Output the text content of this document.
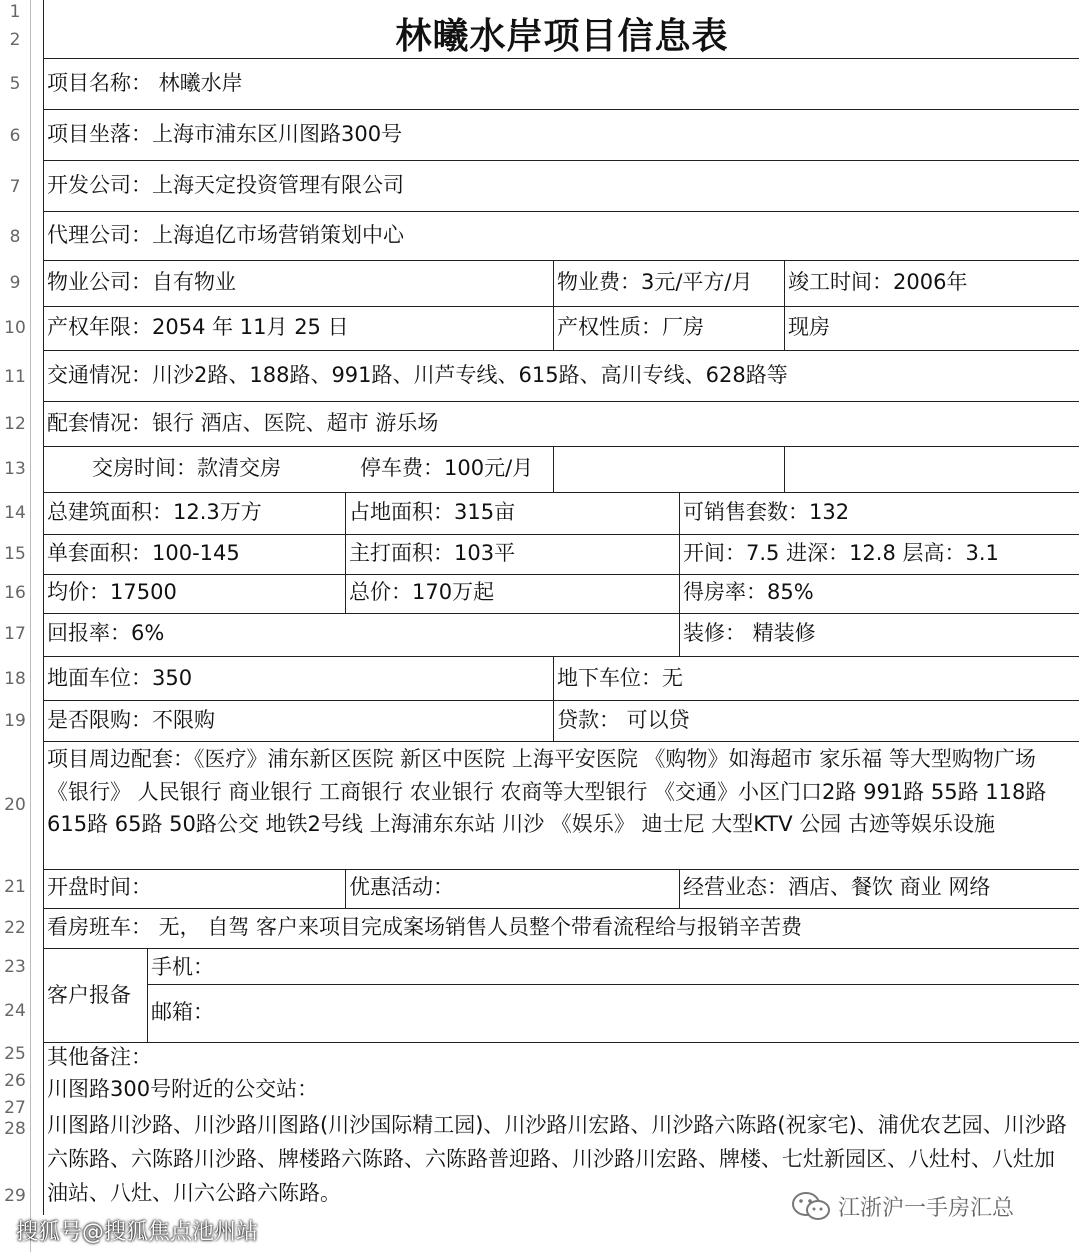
1
2
5
6
7
8
9
10
11
12
13
14
15
16
17
18
19
20
21
22
23
24
25
26
27
28
29
林曦水岸项目信息表
项目名称： 林曦水岸
项目坐落：上海市浦东区川图路300号
开发公司：上海天定投资管理有限公司
代理公司：上海追亿市场营销策划中心
物业公司：自有物业	物业费：3元/平方/月 竣工时间：2006年
产权年限：2054 年 11月 25 日	产权性质：厂房	现房
交通情况：川沙2路、188路、991路、川芦专线、615路、高川专线、628路等
配套情况：银行 酒店、医院、超市 游乐场
交房时间：款清交房	停车费：100元/月
总建筑面积：12.3万方	占地面积：315亩	可销售套数：132
单套面积：100-145	主打面积：103平	开间：7.5 进深：12.8 层高：3.1
均价：17500	总价：170万起	得房率：85%
回报率：6%	装修： 精装修
地面车位：350	地下车位：无
是否限购：不限购	贷款： 可以贷
项目周边配套：《医疗》浦东新区医院 新区中医院 上海平安医院 《购物》如海超市 家乐福 等大型购物广场 《银行》 人民银行 商业银行 工商银行 农业银行 农商等大型银行 《交通》小区门口2路 991路 55路 118路 615路 65路 50路公交 地铁2号线 上海浦东东站 川沙 《娱乐》 迪士尼 大型KTV 公园 古迹等娱乐设施
开盘时间：	优惠活动：	经营业态：酒店、餐饮 商业 网络
看房班车： 无， 自驾 客户来项目完成案场销售人员整个带看流程给与报销辛苦费
客户报备
手机：
邮箱：
其他备注：
川图路300号附近的公交站：
川图路川沙路、川沙路川图路(川沙国际精工园)、川沙路川宏路、川沙路六陈路(祝家宅)、浦优农艺园、川沙路六陈路、六陈路川沙路、牌楼路六陈路、六陈路普迎路、川沙路川宏路、牌楼、七灶新园区、八灶村、八灶加油站、八灶、川六公路六陈路。
搜狐号@搜狐焦点池州站
江浙沪一手房汇总
